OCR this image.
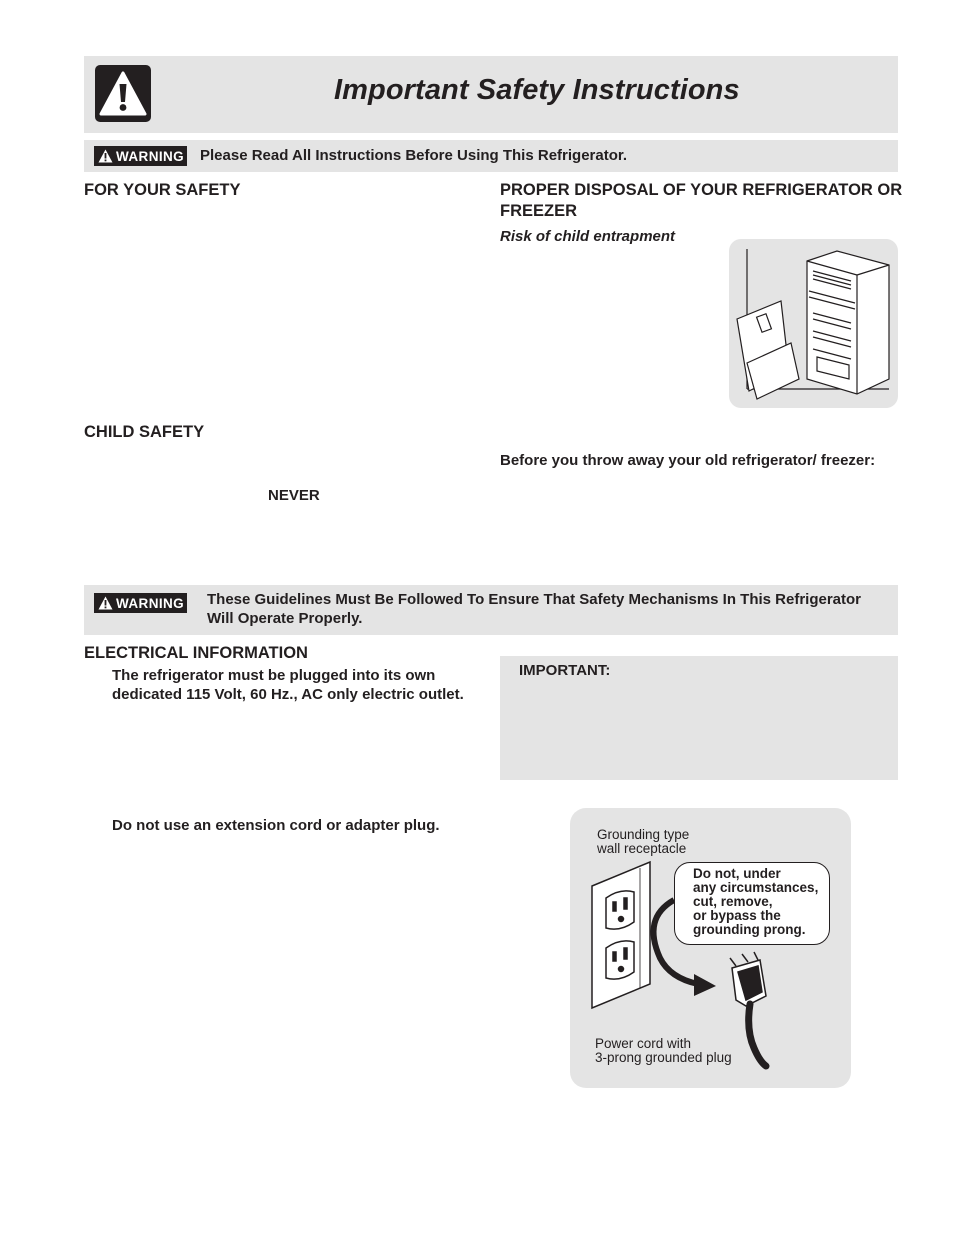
Important Safety Instructions
WARNING Please Read All Instructions Before Using This Refrigerator.
FOR YOUR SAFETY
CHILD SAFETY
NEVER
PROPER DISPOSAL OF YOUR REFRIGERATOR OR
FREEZER
Risk of child entrapment
Before you throw away your old refrigerator/ freezer:
WARNING These Guidelines Must Be Followed To Ensure That Safety Mechanisms In This Refrigerator
Will Operate Properly.
ELECTRICAL INFORMATION
The refrigerator must be plugged into its own
dedicated 115 Volt, 60 Hz., AC only electric outlet.
IMPORTANT:
Do not use an extension cord or adapter plug.
Grounding type
wall receptacle
Do not, under
any circumstances,
cut, remove,
or bypass the
grounding prong.
Power cord with
3-prong grounded plug
